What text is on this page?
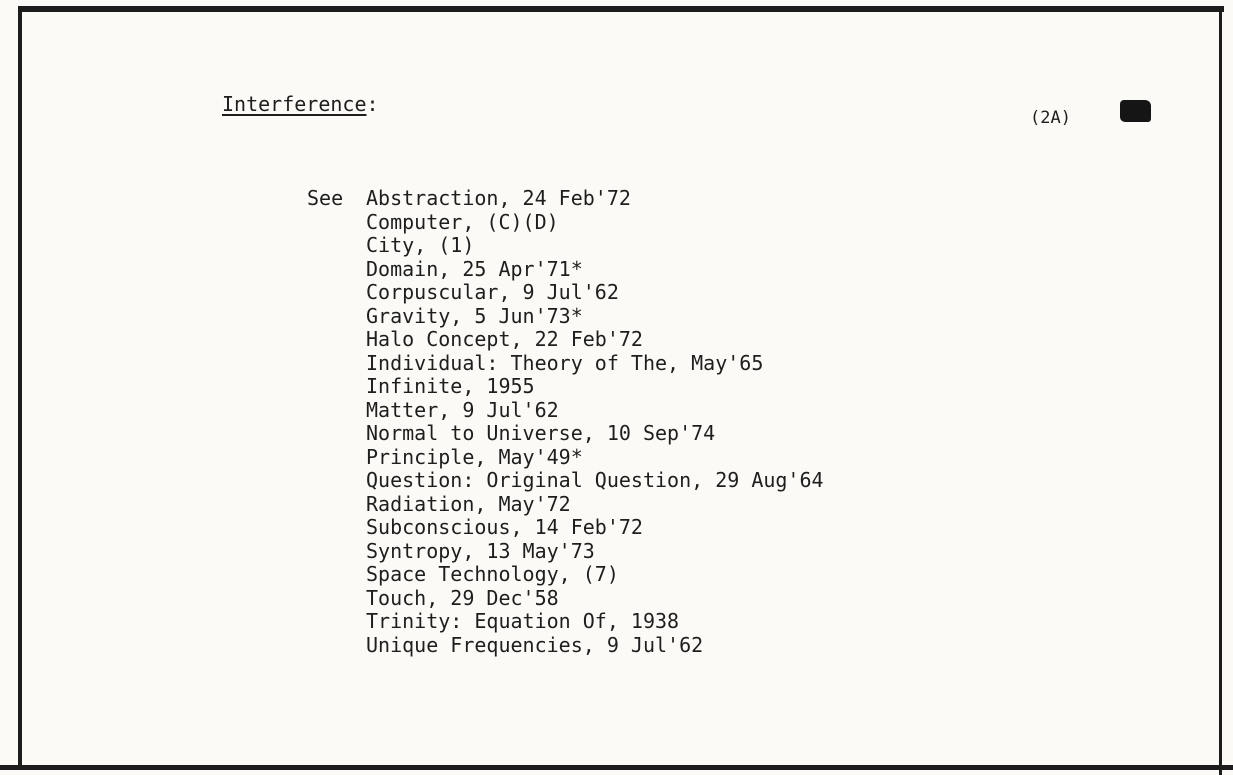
Interference:
(2A)
See Abstraction, 24 Feb'72
Computer, (C)(D)
City, (1)
Domain, 25 Apr'71*
Corpuscular, 9 Jul'62
Gravity, 5 Jun'73*
Halo Concept, 22 Feb'72
Individual: Theory of The, May'65
Infinite, 1955
Matter, 9 Jul'62
Normal to Universe, 10 Sep'74
Principle, May'49*
Question: Original Question, 29 Aug'64
Radiation, May'72
Subconscious, 14 Feb'72
Syntropy, 13 May'73
Space Technology, (7)
Touch, 29 Dec'58
Trinity: Equation Of, 1938
Unique Frequencies, 9 Jul'62
